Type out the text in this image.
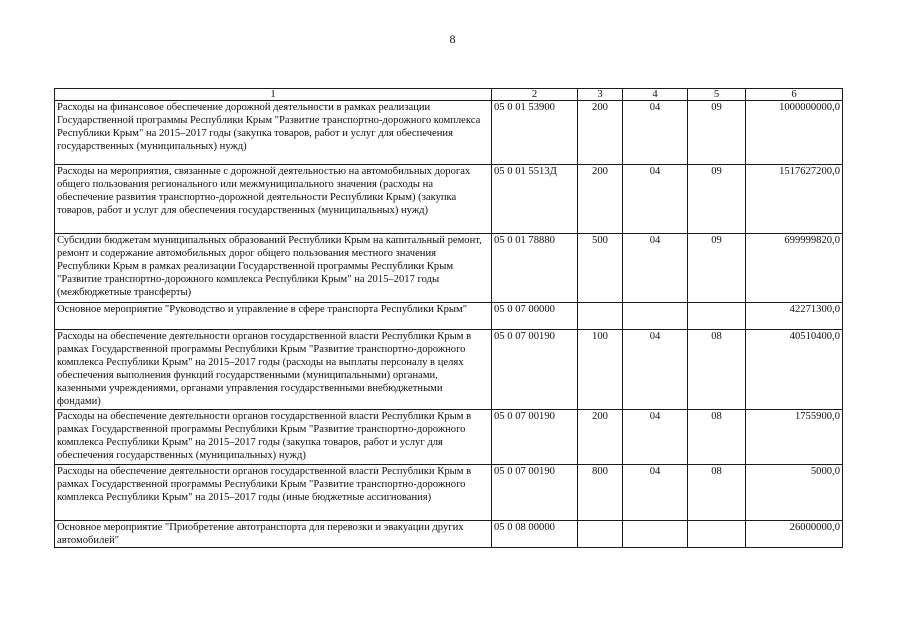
8
1	2	3	4	5	6
Расходы на финансовое обеспечение дорожной деятельности в рамках реализации Государственной программы Республики Крым "Развитие транспортно-дорожного комплекса Республики Крым" на 2015–2017 годы (закупка товаров, работ и услуг для обеспечения государственных (муниципальных) нужд)	05 0 01 53900	200	04	09	1000000000,0
Расходы на мероприятия, связанные с дорожной деятельностью на автомобильных дорогах общего пользования регионального или межмуниципального значения (расходы на обеспечение развития транспортно-дорожной деятельности Республики Крым) (закупка товаров, работ и услуг для обеспечения государственных (муниципальных) нужд)	05 0 01 5513Д	200	04	09	1517627200,0
Субсидии бюджетам муниципальных образований Республики Крым на капитальный ремонт, ремонт и содержание автомобильных дорог общего пользования местного значения Республики Крым в рамках реализации Государственной программы Республики Крым "Развитие транспортно-дорожного комплекса Республики Крым" на 2015–2017 годы (межбюджетные трансферты)	05 0 01 78880	500	04	09	699999820,0
Основное мероприятие "Руководство и управление в сфере транспорта Республики Крым"	05 0 07 00000				42271300,0
Расходы на обеспечение деятельности органов государственной власти Республики Крым в рамках Государственной программы Республики Крым "Развитие транспортно-дорожного комплекса Республики Крым" на 2015–2017 годы (расходы на выплаты персоналу в целях обеспечения выполнения функций государственными (муниципальными) органами, казенными учреждениями, органами управления государственными внебюджетными фондами)	05 0 07 00190	100	04	08	40510400,0
Расходы на обеспечение деятельности органов государственной власти Республики Крым в рамках Государственной программы Республики Крым "Развитие транспортно-дорожного комплекса Республики Крым" на 2015–2017 годы (закупка товаров, работ и услуг для обеспечения государственных (муниципальных) нужд)	05 0 07 00190	200	04	08	1755900,0
Расходы на обеспечение деятельности органов государственной власти Республики Крым в рамках Государственной программы Республики Крым "Развитие транспортно-дорожного комплекса Республики Крым" на 2015–2017 годы (иные бюджетные ассигнования)	05 0 07 00190	800	04	08	5000,0
Основное мероприятие "Приобретение автотранспорта для перевозки и эвакуации других автомобилей"	05 0 08 00000				26000000,0
